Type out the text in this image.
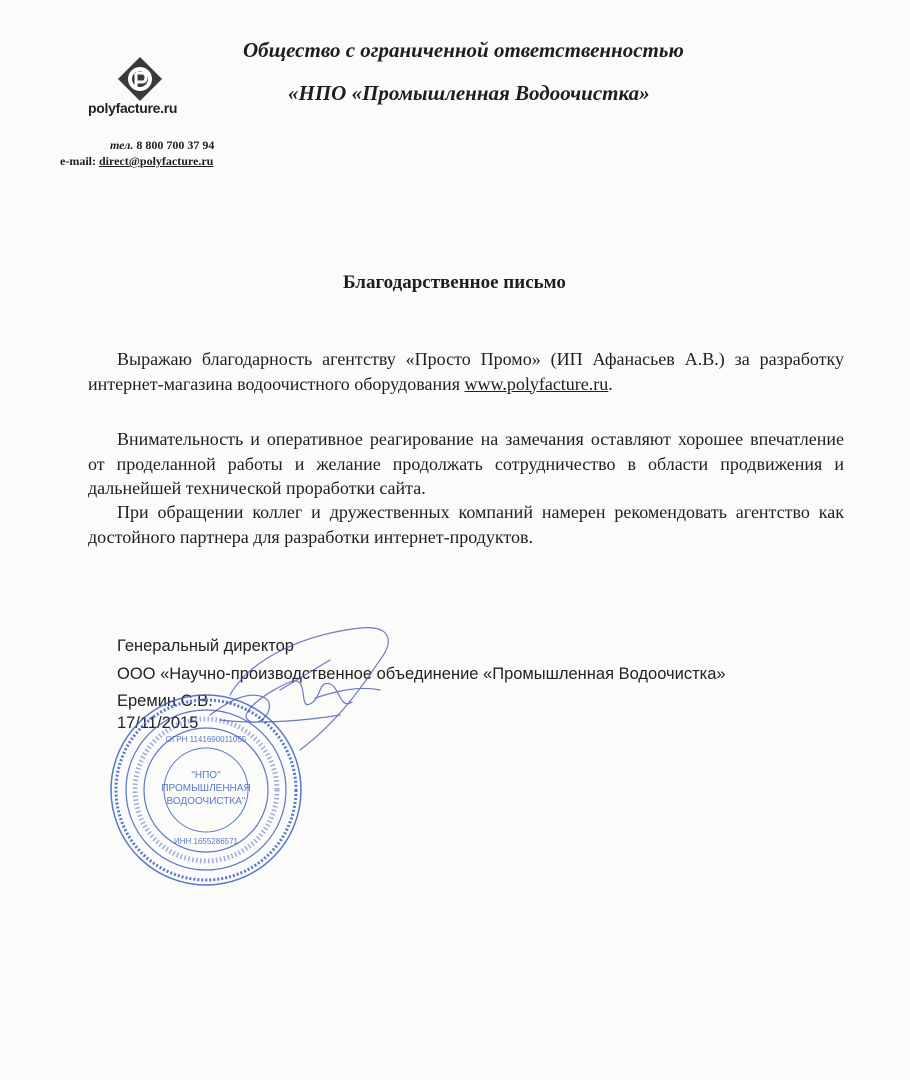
polyfacture.ru
тел. 8 800 700 37 94
e-mail: direct@polyfacture.ru
Общество с ограниченной ответственностью
«НПО «Промышленная Водоочистка»
Благодарственное письмо
Выражаю благодарность агентству «Просто Промо» (ИП Афанасьев А.В.) за разработку интернет-магазина водоочистного оборудования www.polyfacture.ru.
Внимательность и оперативное реагирование на замечания оставляют хорошее впечатление от проделанной работы и желание продолжать сотрудничество в области продвижения и дальнейшей технической проработки сайта.
При обращении коллег и дружественных компаний намерен рекомендовать агентство как достойного партнера для разработки интернет-продуктов.
Генеральный директор
ООО «Научно-производственное объединение «Промышленная Водоочистка»
Еремин С.В.
17/11/2015
"НПО"
ПРОМЫШЛЕННАЯ
ВОДООЧИСТКА"
ОГРН 1141690011055
ИНН 1655286571
